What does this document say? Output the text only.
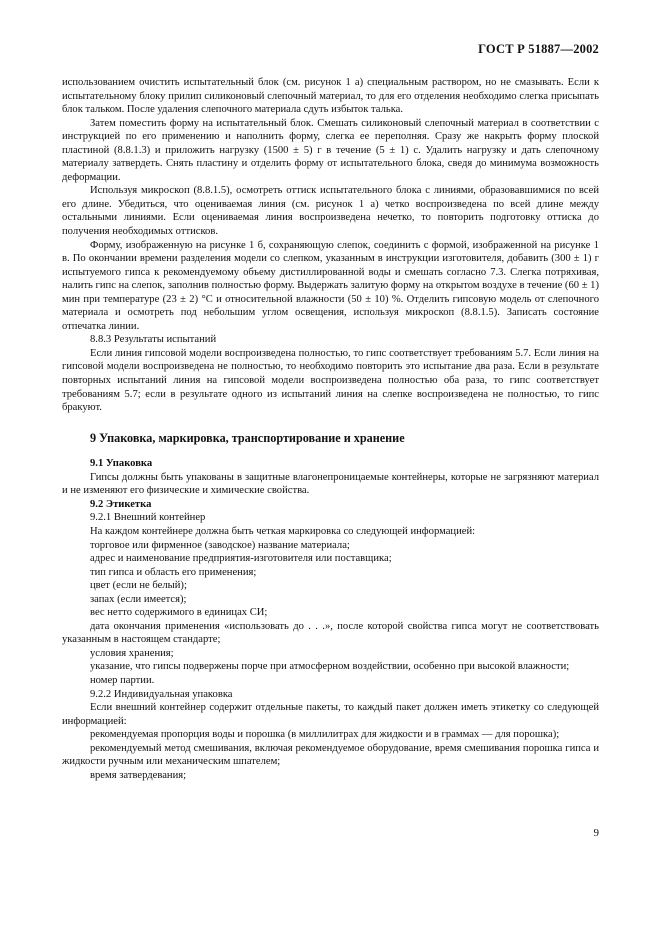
ГОСТ Р 51887—2002

использованием очистить испытательный блок (см. рисунок 1 а) специальным раствором, но не смазывать. Если к испытательному блоку прилип силиконовый слепочный материал, то для его отделения необходимо слегка присыпать блок тальком. После удаления слепочного материала сдуть избыток талька.

Затем поместить форму на испытательный блок. Смешать силиконовый слепочный материал в соответствии с инструкцией по его применению и наполнить форму, слегка ее переполняя. Сразу же накрыть форму плоской пластиной (8.8.1.3) и приложить нагрузку (1500 ± 5) г в течение (5 ± 1) с. Удалить нагрузку и дать слепочному материалу затвердеть. Снять пластину и отделить форму от испытательного блока, сведя до минимума возможность деформации.

Используя микроскоп (8.8.1.5), осмотреть оттиск испытательного блока с линиями, образовавшимися по всей его длине. Убедиться, что оцениваемая линия (см. рисунок 1 а) четко воспроизведена по всей длине между остальными линиями. Если оцениваемая линия воспроизведена нечетко, то повторить подготовку оттиска до получения необходимых оттисков.

Форму, изображенную на рисунке 1 б, сохраняющую слепок, соединить с формой, изображенной на рисунке 1 в. По окончании времени разделения модели со слепком, указанным в инструкции изготовителя, добавить (300 ± 1) г испытуемого гипса к рекомендуемому объему дистиллированной воды и смешать согласно 7.3. Слегка потряхивая, налить гипс на слепок, заполнив полностью форму. Выдержать залитую форму на открытом воздухе в течение (60 ± 1) мин при температуре (23 ± 2) °С и относительной влажности (50 ± 10) %. Отделить гипсовую модель от слепочного материала и осмотреть под небольшим углом освещения, используя микроскоп (8.8.1.5). Записать состояние отпечатка линии.

8.8.3 Результаты испытаний

Если линия гипсовой модели воспроизведена полностью, то гипс соответствует требованиям 5.7. Если линия на гипсовой модели воспроизведена не полностью, то необходимо повторить это испытание два раза. Если в результате повторных испытаний линия на гипсовой модели воспроизведена полностью оба раза, то гипс соответствует требованиям 5.7; если в результате одного из испытаний линия на слепке воспроизведена не полностью, то гипс бракуют.

9 Упаковка, маркировка, транспортирование и хранение

9.1 Упаковка

Гипсы должны быть упакованы в защитные влагонепроницаемые контейнеры, которые не загрязняют материал и не изменяют его физические и химические свойства.

9.2 Этикетка

9.2.1 Внешний контейнер

На каждом контейнере должна быть четкая маркировка со следующей информацией:

торговое или фирменное (заводское) название материала;

адрес и наименование предприятия-изготовителя или поставщика;

тип гипса и область его применения;

цвет (если не белый);

запах (если имеется);

вес нетто содержимого в единицах СИ;

дата окончания применения «использовать до . . .», после которой свойства гипса могут не соответствовать указанным в настоящем стандарте;

условия хранения;

указание, что гипсы подвержены порче при атмосферном воздействии, особенно при высокой влажности;

номер партии.

9.2.2 Индивидуальная упаковка

Если внешний контейнер содержит отдельные пакеты, то каждый пакет должен иметь этикетку со следующей информацией:

рекомендуемая пропорция воды и порошка (в миллилитрах для жидкости и в граммах — для порошка);

рекомендуемый метод смешивания, включая рекомендуемое оборудование, время смешивания порошка гипса и жидкости ручным или механическим шпателем;

время затвердевания;

9
